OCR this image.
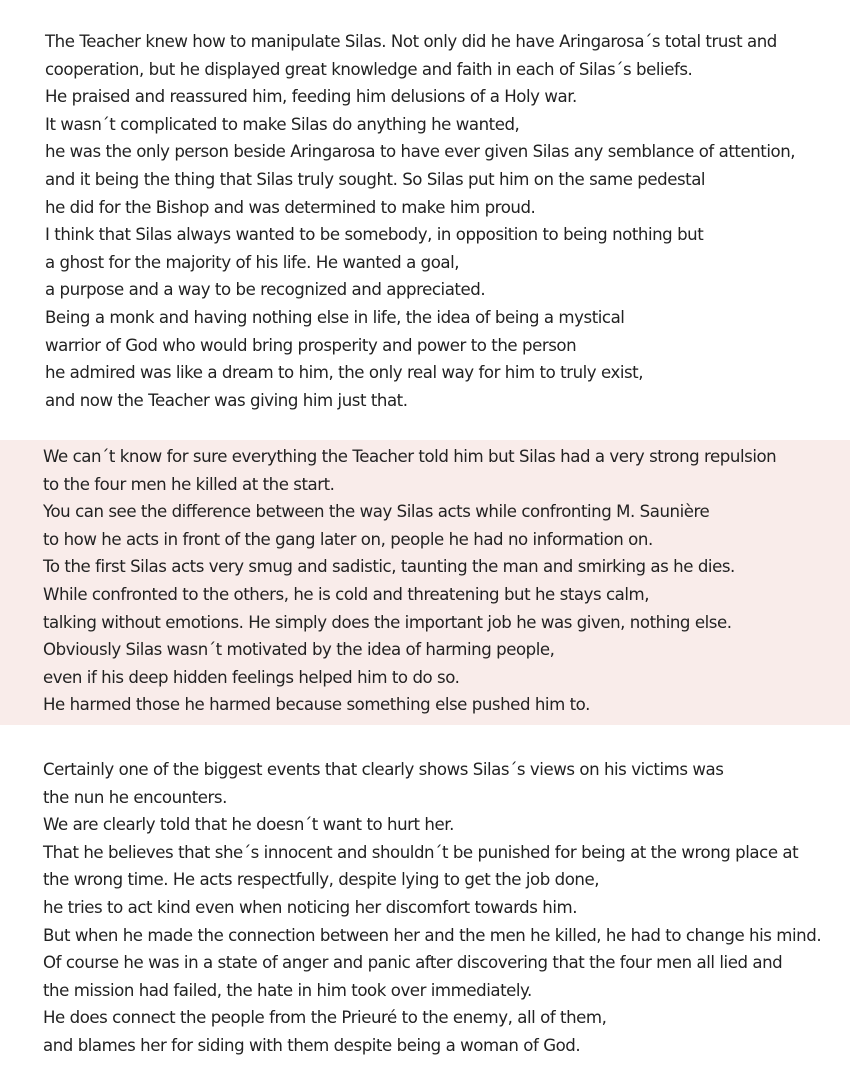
The Teacher knew how to manipulate Silas. Not only did he have Aringarosa´s total trust and
cooperation, but he displayed great knowledge and faith in each of Silas´s beliefs.
He praised and reassured him, feeding him delusions of a Holy war.
It wasn´t complicated to make Silas do anything he wanted,
he was the only person beside Aringarosa to have ever given Silas any semblance of attention,
and it being the thing that Silas truly sought. So Silas put him on the same pedestal
he did for the Bishop and was determined to make him proud.
I think that Silas always wanted to be somebody, in opposition to being nothing but
a ghost for the majority of his life. He wanted a goal,
a purpose and a way to be recognized and appreciated.
Being a monk and having nothing else in life, the idea of being a mystical
warrior of God who would bring prosperity and power to the person
he admired was like a dream to him, the only real way for him to truly exist,
and now the Teacher was giving him just that.
We can´t know for sure everything the Teacher told him but Silas had a very strong repulsion
to the four men he killed at the start.
You can see the difference between the way Silas acts while confronting M. Saunière
to how he acts in front of the gang later on, people he had no information on.
To the first Silas acts very smug and sadistic, taunting the man and smirking as he dies.
While confronted to the others, he is cold and threatening but he stays calm,
talking without emotions. He simply does the important job he was given, nothing else.
Obviously Silas wasn´t motivated by the idea of harming people,
even if his deep hidden feelings helped him to do so.
He harmed those he harmed because something else pushed him to.
Certainly one of the biggest events that clearly shows Silas´s views on his victims was
the nun he encounters.
We are clearly told that he doesn´t want to hurt her.
That he believes that she´s innocent and shouldn´t be punished for being at the wrong place at
the wrong time. He acts respectfully, despite lying to get the job done,
he tries to act kind even when noticing her discomfort towards him.
But when he made the connection between her and the men he killed, he had to change his mind.
Of course he was in a state of anger and panic after discovering that the four men all lied and
the mission had failed, the hate in him took over immediately.
He does connect the people from the Prieuré to the enemy, all of them,
and blames her for siding with them despite being a woman of God.
